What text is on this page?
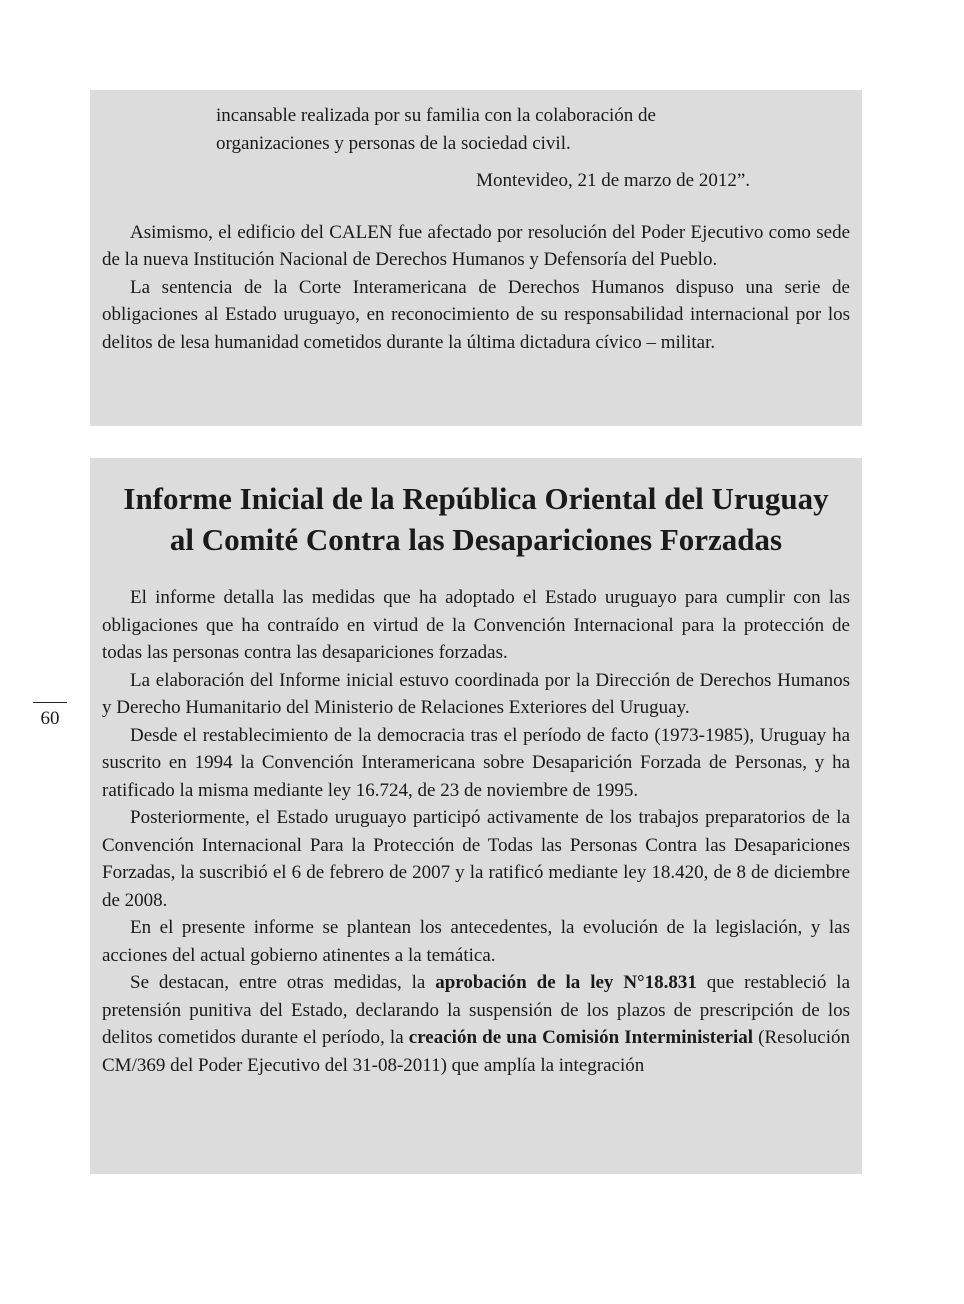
incansable realizada por su familia con la colaboración de

organizaciones y personas de la sociedad civil.

Montevideo, 21 de marzo de 2012”.

Asimismo, el edificio del CALEN fue afectado por resolución del Poder Ejecutivo como sede de la nueva Institución Nacional de Derechos Humanos y Defensoría del Pueblo.

La sentencia de la Corte Interamericana de Derechos Humanos dispuso una serie de obligaciones al Estado uruguayo, en reconocimiento de su responsabilidad internacional por los delitos de lesa humanidad cometidos durante la última dictadura cívico – militar.

Informe Inicial de la República Oriental del Uruguay
al Comité Contra las Desapariciones Forzadas

El informe detalla las medidas que ha adoptado el Estado uruguayo para cumplir con las obligaciones que ha contraído en virtud de la Convención Internacional para la protección de todas las personas contra las desapariciones forzadas.

La elaboración del Informe inicial estuvo coordinada por la Dirección de Derechos Humanos y Derecho Humanitario del Ministerio de Relaciones Exteriores del Uruguay.

Desde el restablecimiento de la democracia tras el período de facto (1973-1985), Uruguay ha suscrito en 1994 la Convención Interamericana sobre Desaparición Forzada de Personas, y ha ratificado la misma mediante ley 16.724, de 23 de noviembre de 1995.

Posteriormente, el Estado uruguayo participó activamente de los trabajos preparatorios de la Convención Internacional Para la Protección de Todas las Personas Contra las Desapariciones Forzadas, la suscribió el 6 de febrero de 2007 y la ratificó mediante ley 18.420, de 8 de diciembre de 2008.

En el presente informe se plantean los antecedentes, la evolución de la legislación, y las acciones del actual gobierno atinentes a la temática.

Se destacan, entre otras medidas, la aprobación de la ley N°18.831 que restableció la pretensión punitiva del Estado, declarando la suspensión de los plazos de prescripción de los delitos cometidos durante el período, la creación de una Comisión Interministerial (Resolución CM/369 del Poder Ejecutivo del 31-08-2011) que amplía la integración

60
